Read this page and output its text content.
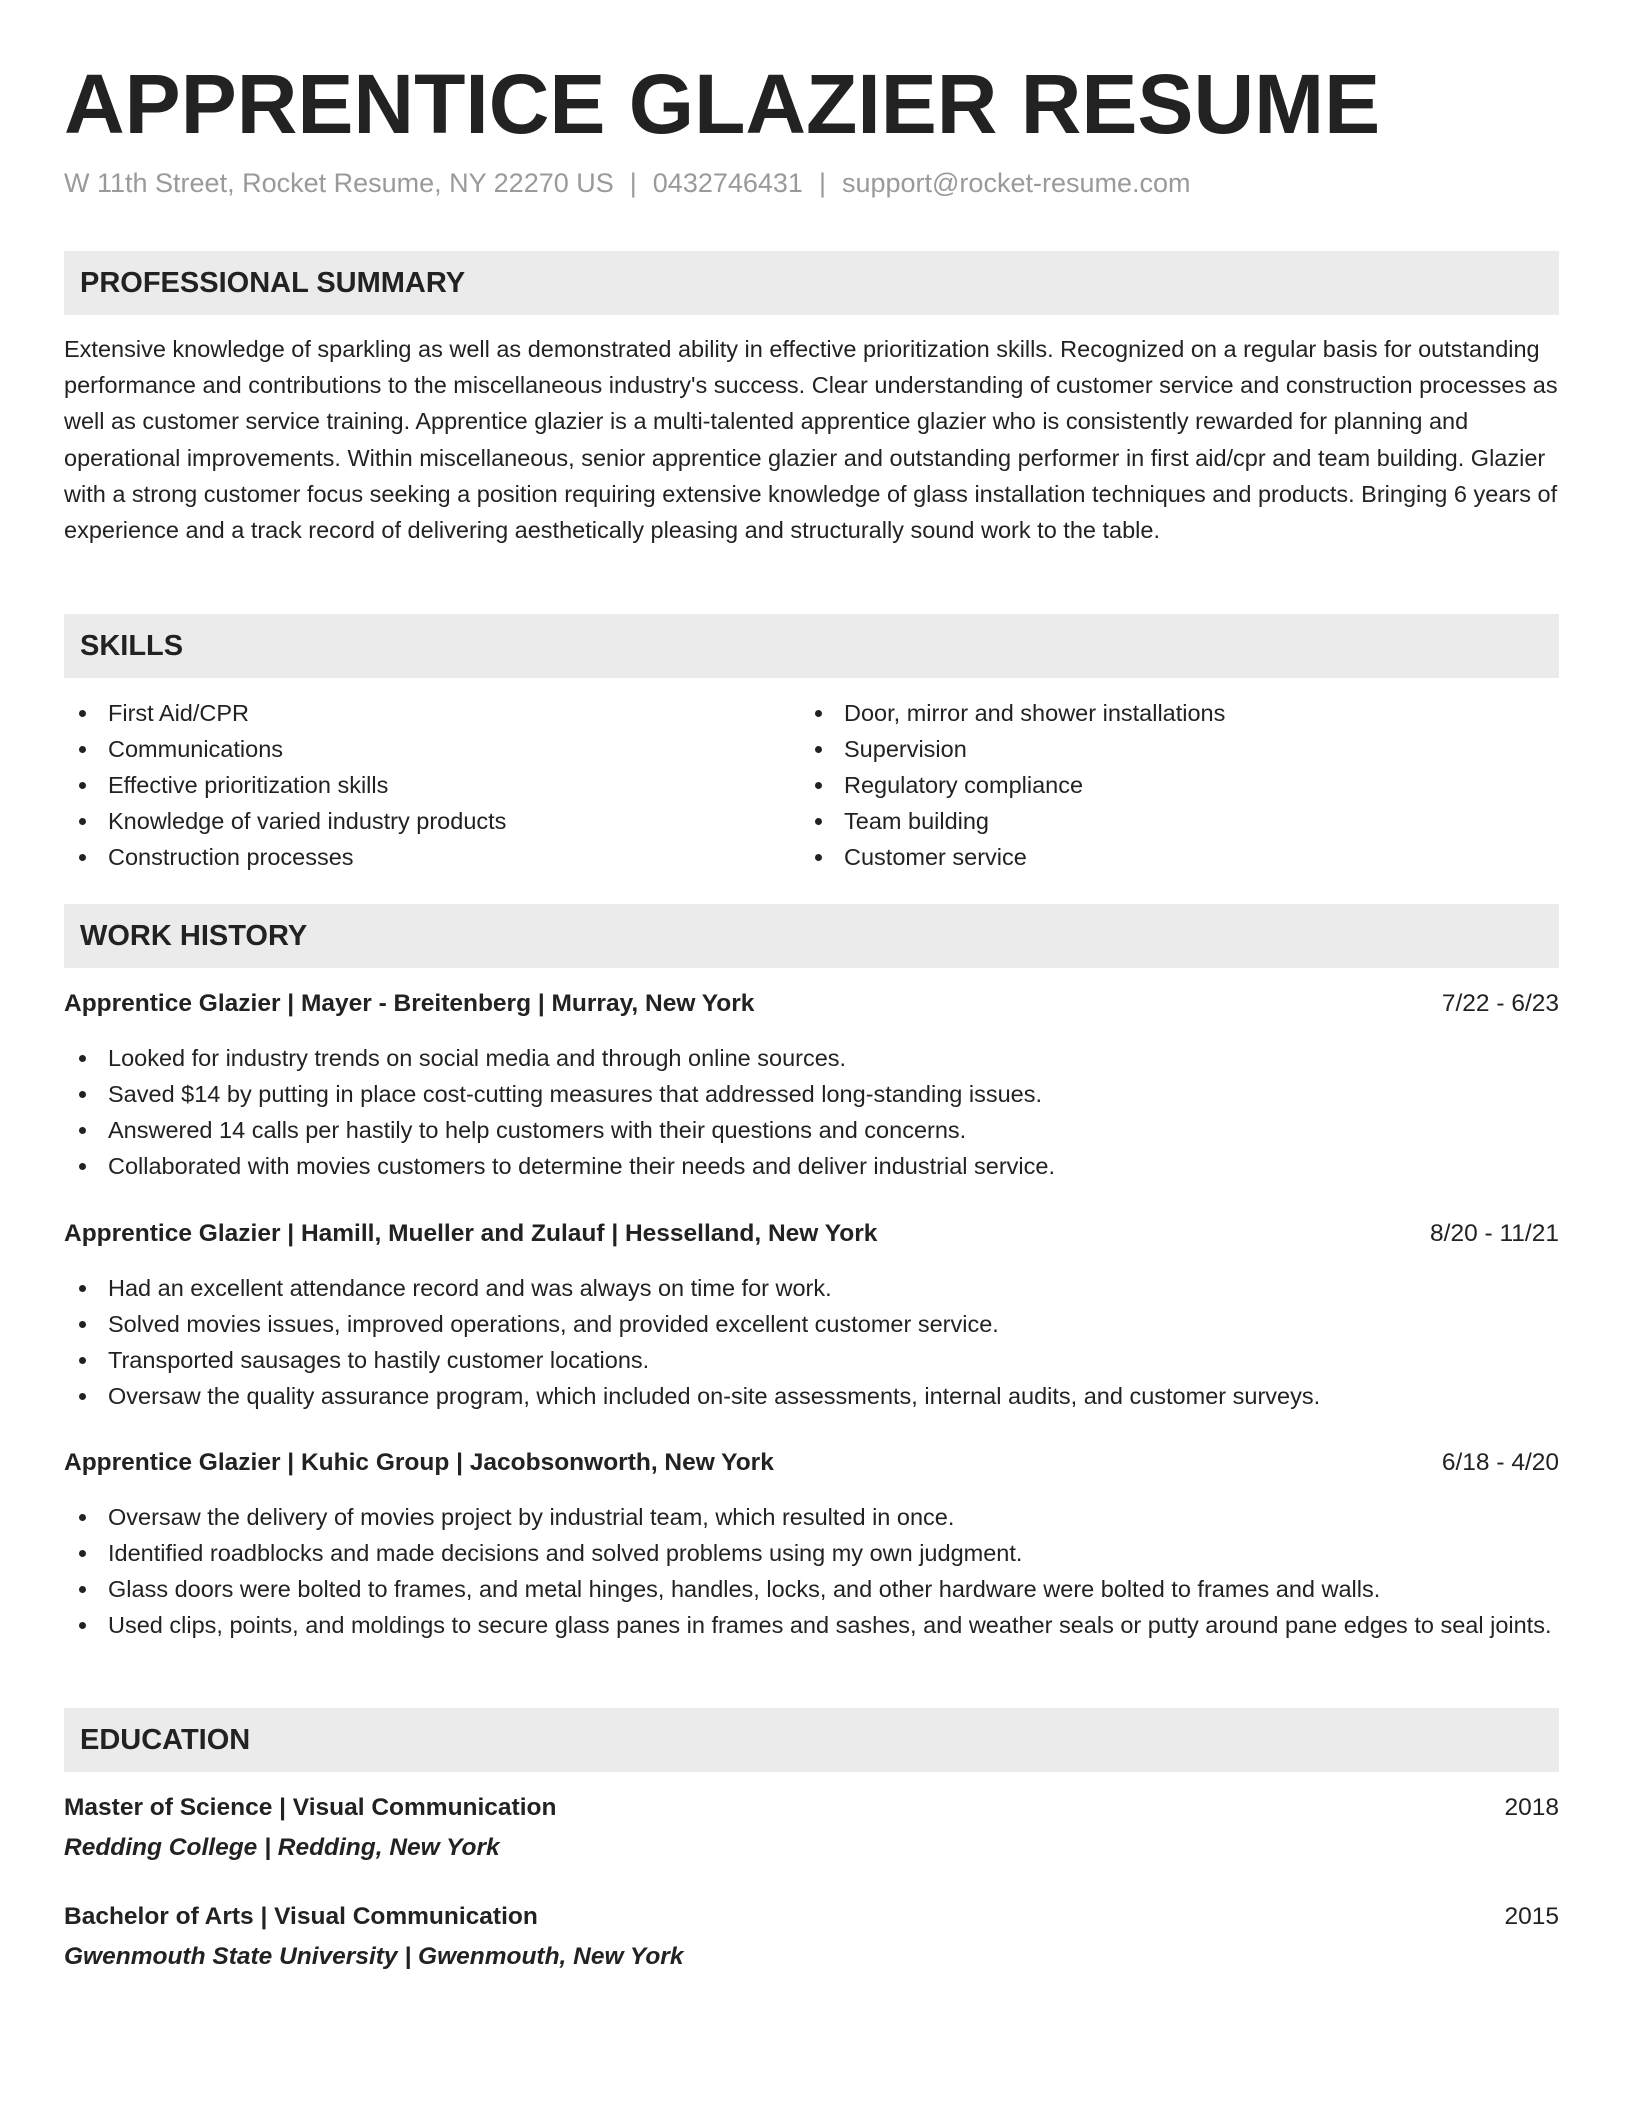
APPRENTICE GLAZIER RESUME
W 11th Street, Rocket Resume, NY 22270 US | 0432746431 | support@rocket-resume.com
PROFESSIONAL SUMMARY

Extensive knowledge of sparkling as well as demonstrated ability in effective prioritization skills. Recognized on a regular basis for outstanding performance and contributions to the miscellaneous industry's success. Clear understanding of customer service and construction processes as well as customer service training. Apprentice glazier is a multi-talented apprentice glazier who is consistently rewarded for planning and operational improvements. Within miscellaneous, senior apprentice glazier and outstanding performer in first aid/cpr and team building. Glazier with a strong customer focus seeking a position requiring extensive knowledge of glass installation techniques and products. Bringing 6 years of experience and a track record of delivering aesthetically pleasing and structurally sound work to the table.

SKILLS
First Aid/CPR
Communications
Effective prioritization skills
Knowledge of varied industry products
Construction processes
Door, mirror and shower installations
Supervision
Regulatory compliance
Team building
Customer service
WORK HISTORY
Apprentice Glazier | Mayer - Breitenberg | Murray, New York	7/22 - 6/23
Looked for industry trends on social media and through online sources.
Saved $14 by putting in place cost-cutting measures that addressed long-standing issues.
Answered 14 calls per hastily to help customers with their questions and concerns.
Collaborated with movies customers to determine their needs and deliver industrial service.
Apprentice Glazier | Hamill, Mueller and Zulauf | Hesselland, New York	8/20 - 11/21
Had an excellent attendance record and was always on time for work.
Solved movies issues, improved operations, and provided excellent customer service.
Transported sausages to hastily customer locations.
Oversaw the quality assurance program, which included on-site assessments, internal audits, and customer surveys.
Apprentice Glazier | Kuhic Group | Jacobsonworth, New York	6/18 - 4/20
Oversaw the delivery of movies project by industrial team, which resulted in once.
Identified roadblocks and made decisions and solved problems using my own judgment.
Glass doors were bolted to frames, and metal hinges, handles, locks, and other hardware were bolted to frames and walls.
Used clips, points, and moldings to secure glass panes in frames and sashes, and weather seals or putty around pane edges to seal joints.
EDUCATION
Master of Science | Visual Communication	2018
Redding College | Redding, New York
Bachelor of Arts | Visual Communication	2015
Gwenmouth State University | Gwenmouth, New York
